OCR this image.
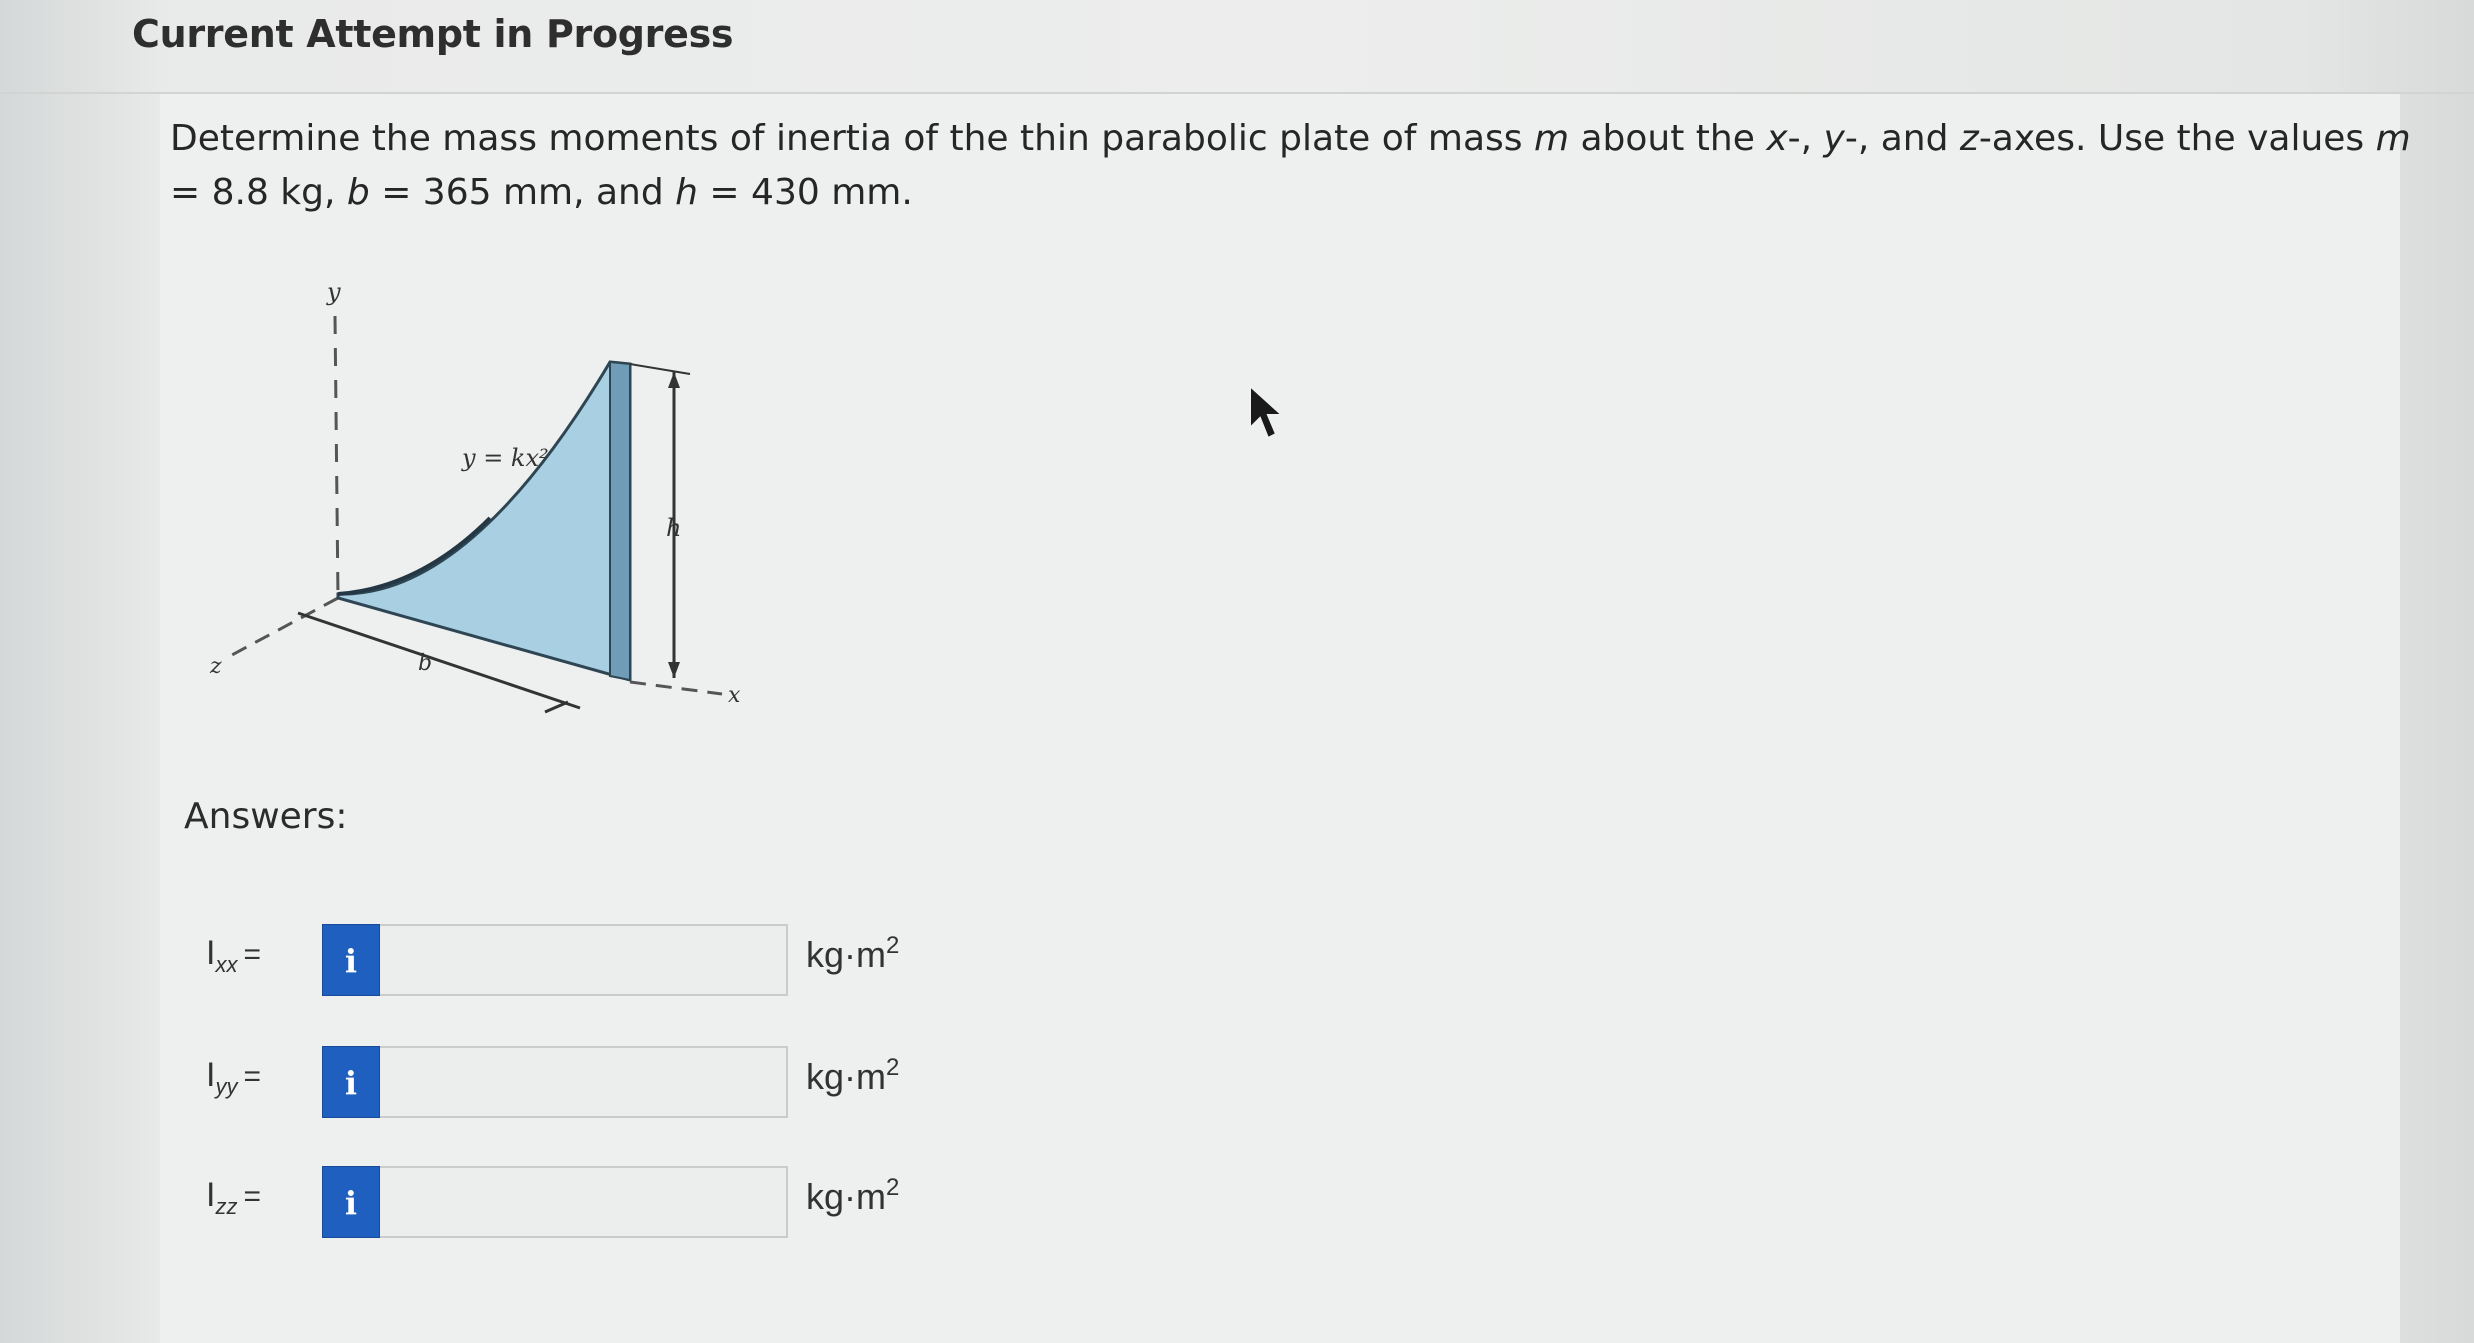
Current Attempt in Progress
Determine the mass moments of inertia of the thin parabolic plate of mass m about the x-, y-, and z-axes. Use the values m = 8.8 kg, b = 365 mm, and h = 430 mm.
y
z	b
y = kx²
h
x
Answers:
$I_{xx}$ =	i	$kg\cdot m^2$
$I_{yy}$ =	i	$kg\cdot m^2$
$I_{zz}$ =	i	$kg\cdot m^2$
